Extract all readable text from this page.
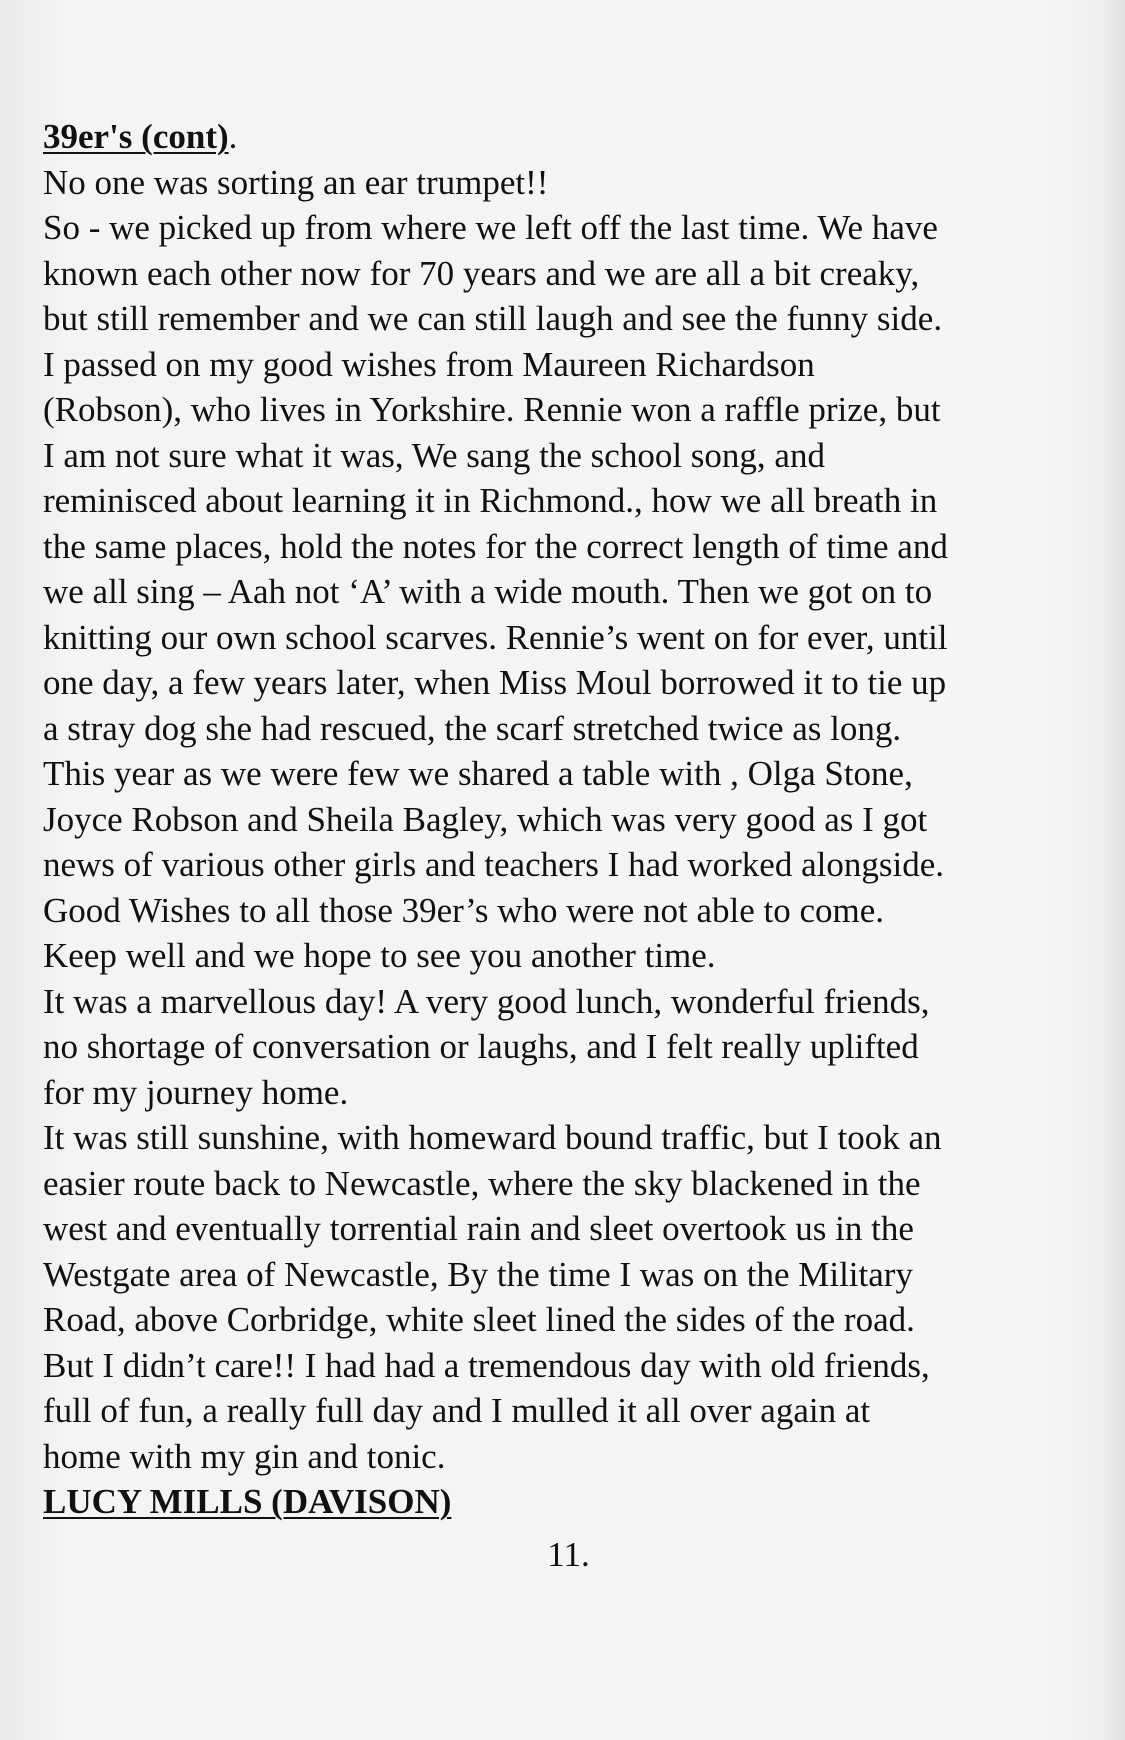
39er's (cont).

No one was sorting an ear trumpet!!
So - we picked up from where we left off the last time. We have
known each other now for 70 years and we are all a bit creaky,
but still remember and we can still laugh and see the funny side.
I passed on my good wishes from Maureen Richardson
(Robson), who lives in Yorkshire. Rennie won a raffle prize, but
I am not sure what it was, We sang the school song, and
reminisced about learning it in Richmond., how we all breath in
the same places, hold the notes for the correct length of time and
we all sing – Aah not ‘A’ with a wide mouth. Then we got on to
knitting our own school scarves. Rennie’s went on for ever, until
one day, a few years later, when Miss Moul borrowed it to tie up
a stray dog she had rescued, the scarf stretched twice as long.
This year as we were few we shared a table with , Olga Stone,
Joyce Robson and Sheila Bagley, which was very good as I got
news of various other girls and teachers I had worked alongside.
Good Wishes to all those 39er’s who were not able to come.
Keep well and we hope to see you another time.
It was a marvellous day! A very good lunch, wonderful friends,
no shortage of conversation or laughs, and I felt really uplifted
for my journey home.
It was still sunshine, with homeward bound traffic, but I took an
easier route back to Newcastle, where the sky blackened in the
west and eventually torrential rain and sleet overtook us in the
Westgate area of Newcastle, By the time I was on the Military
Road, above Corbridge, white sleet lined the sides of the road.
But I didn’t care!! I had had a tremendous day with old friends,
full of fun, a really full day and I mulled it all over again at
home with my gin and tonic.

LUCY MILLS (DAVISON)

11.
